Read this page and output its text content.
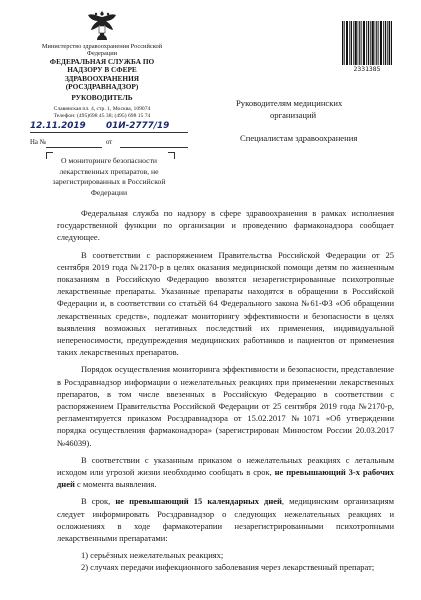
Министерство здравоохранения Российской Федерации
ФЕДЕРАЛЬНАЯ СЛУЖБА ПО НАДЗОРУ В СФЕРЕ ЗДРАВООХРАНЕНИЯ (РОСЗДРАВНАДЗОР)
РУКОВОДИТЕЛЬ
Славянская пл. 4, стр. 1, Москва, 109074
Телефон: (495)698 45 38; (495) 698 15 74
12.11.2019 01И-2777/19
На №	от
О мониторинге безопасности лекарственных препаратов, не зарегистрированных в Российской Федерации
2331385
Руководителям медицинских
организаций
Специалистам здравоохранения

Федеральная служба по надзору в сфере здравоохранения в рамках исполнения государственной функции по организации и проведению фармаконадзора сообщает следующее.

В соответствии с распоряжением Правительства Российской Федерации от 25 сентября 2019 года №2170-р в целях оказания медицинской помощи детям по жизненным показаниям в Российскую Федерацию ввозятся незарегистрированные психотропные лекарственные препараты. Указанные препараты находятся в обращении в Российской Федерации и, в соответствии со статьёй 64 Федерального закона №61-ФЗ «Об обращении лекарственных средств», подлежат мониторингу эффективности и безопасности в целях выявления возможных негативных последствий их применения, индивидуальной непереносимости, предупреждения медицинских работников и пациентов от применения таких лекарственных препаратов.

Порядок осуществления мониторинга эффективности и безопасности, представление в Росздравнадзор информации о нежелательных реакциях при применении лекарственных препаратов, в том числе ввезенных в Российскую Федерацию в соответствии с распоряжением Правительства Российской Федерации от 25 сентября 2019 года №2170-р, регламентируется приказом Росздравнадзора от 15.02.2017 №1071 «Об утверждении порядка осуществления фармаконадзора» (зарегистрирован Минюстом России 20.03.2017 №46039).

В соответствии с указанным приказом о нежелательных реакциях с летальным исходом или угрозой жизни необходимо сообщать в срок, не превышающий 3-х рабочих дней с момента выявления.

В срок, не превышающий 15 календарных дней, медицинским организациям следует информировать Росздравнадзор о следующих нежелательных реакциях и осложнениях в ходе фармакотерапии незарегистрированными психотропными лекарственными препаратами:

1) серьёзных нежелательных реакциях;

2) случаях передачи инфекционного заболевания через лекарственный препарат;
